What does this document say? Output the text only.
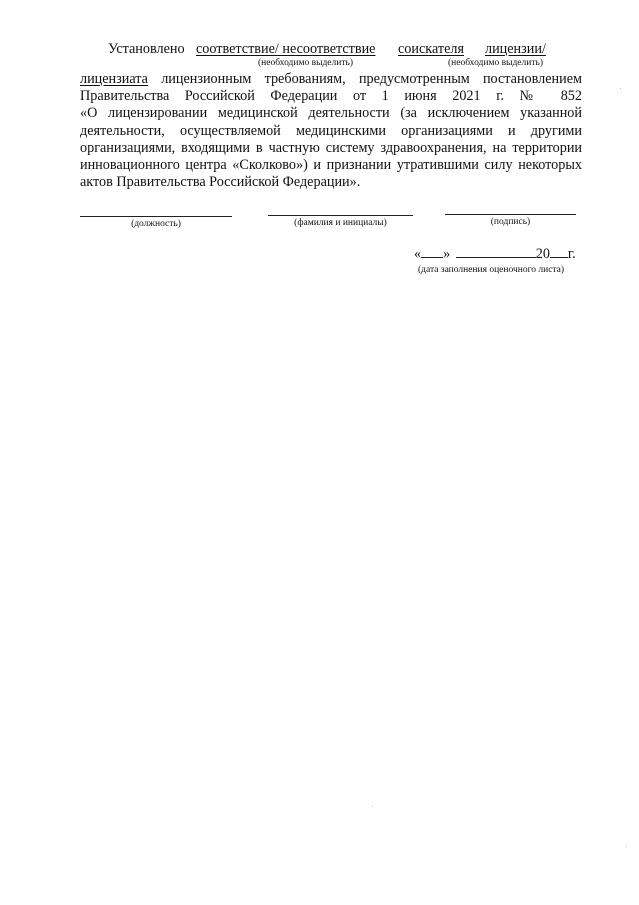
Установлено соответствие/ несоответствие соискателя лицензии/
(необходимо выделить)	(необходимо выделить)
лицензиата лицензионным требованиям, предусмотренным постановлением
Правительства Российской Федерации от 1 июня 2021 г. № 852
«О лицензировании медицинской деятельности (за исключением указанной
деятельности, осуществляемой медицинскими организациями и другими
организациями, входящими в частную систему здравоохранения, на территории
инновационного центра «Сколково») и признании утратившими силу некоторых
актов Правительства Российской Федерации».
(должность)	(фамилия и инициалы)	(подпись)
« »	20 г.
(дата заполнения оценочного листа)
